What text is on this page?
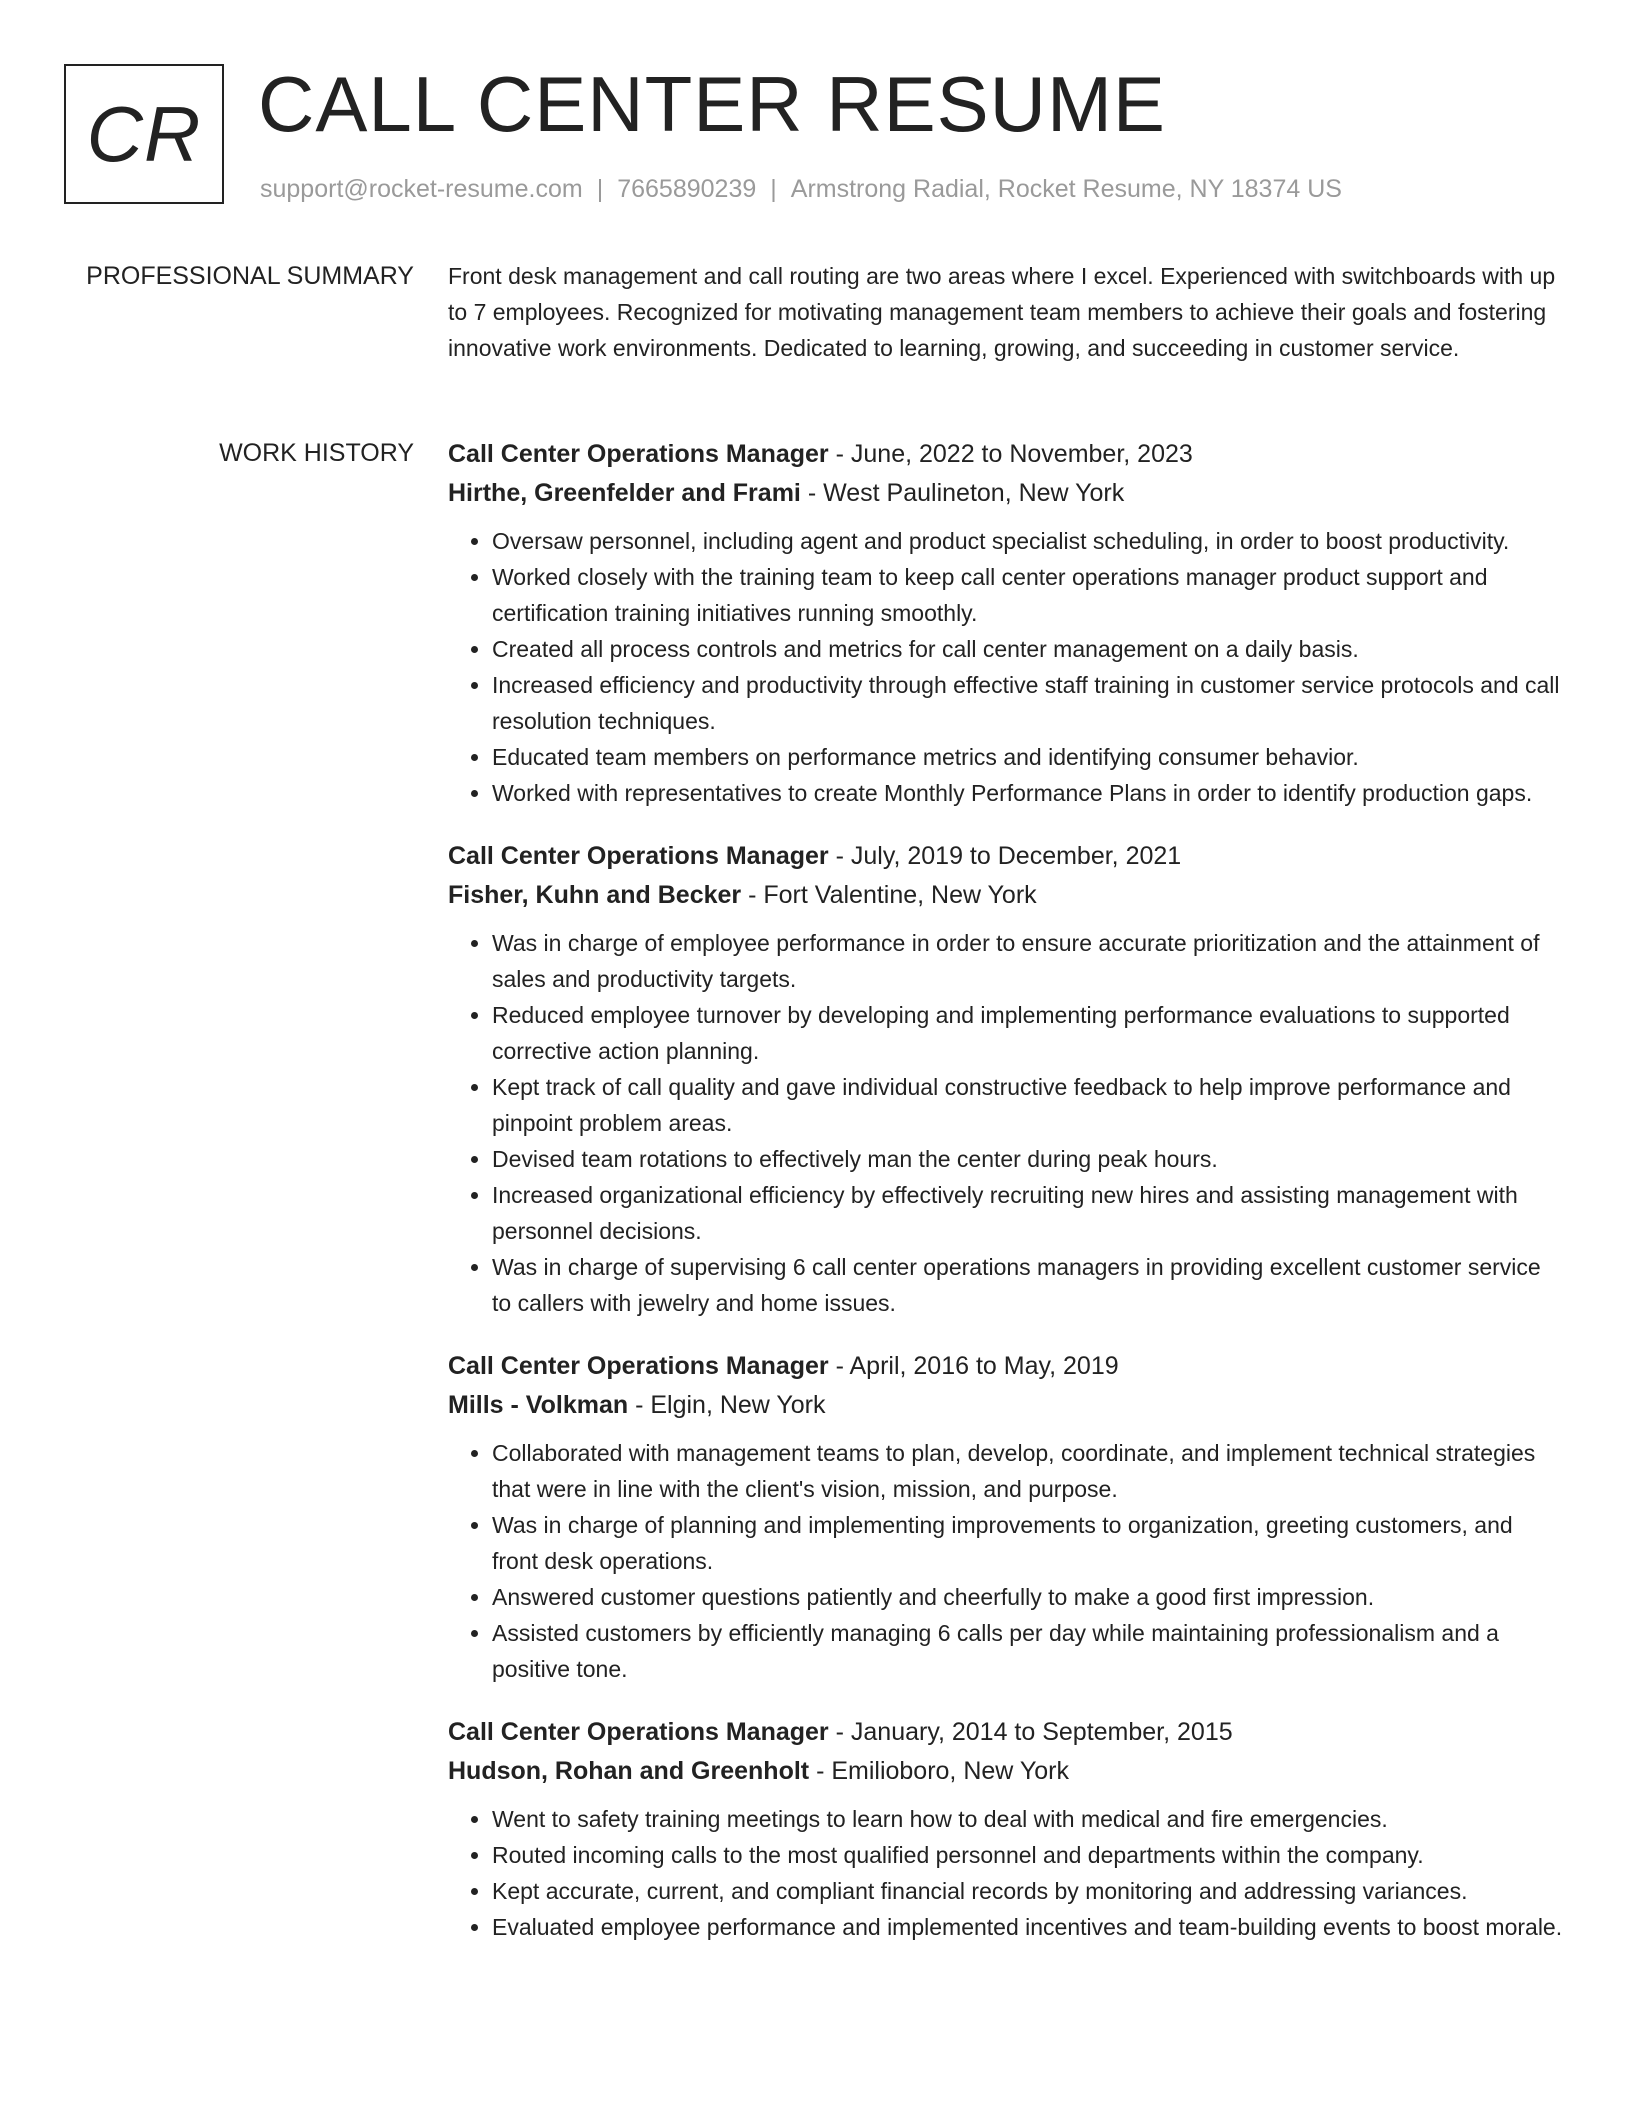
CR CALL CENTER RESUME
support@rocket-resume.com | 7665890239 | Armstrong Radial, Rocket Resume, NY 18374 US
PROFESSIONAL SUMMARY Front desk management and call routing are two areas where I excel. Experienced with switchboards with up to 7 employees. Recognized for motivating management team members to achieve their goals and fostering innovative work environments. Dedicated to learning, growing, and succeeding in customer service.
WORK HISTORY Call Center Operations Manager - June, 2022 to November, 2023
Hirthe, Greenfelder and Frami - West Paulineton, New York
• Oversaw personnel, including agent and product specialist scheduling, in order to boost productivity.
• Worked closely with the training team to keep call center operations manager product support and certification training initiatives running smoothly.
• Created all process controls and metrics for call center management on a daily basis.
• Increased efficiency and productivity through effective staff training in customer service protocols and call resolution techniques.
• Educated team members on performance metrics and identifying consumer behavior.
• Worked with representatives to create Monthly Performance Plans in order to identify production gaps.
Call Center Operations Manager - July, 2019 to December, 2021
Fisher, Kuhn and Becker - Fort Valentine, New York
• Was in charge of employee performance in order to ensure accurate prioritization and the attainment of sales and productivity targets.
• Reduced employee turnover by developing and implementing performance evaluations to supported corrective action planning.
• Kept track of call quality and gave individual constructive feedback to help improve performance and pinpoint problem areas.
• Devised team rotations to effectively man the center during peak hours.
• Increased organizational efficiency by effectively recruiting new hires and assisting management with personnel decisions.
• Was in charge of supervising 6 call center operations managers in providing excellent customer service to callers with jewelry and home issues.
Call Center Operations Manager - April, 2016 to May, 2019
Mills - Volkman - Elgin, New York
• Collaborated with management teams to plan, develop, coordinate, and implement technical strategies that were in line with the client's vision, mission, and purpose.
• Was in charge of planning and implementing improvements to organization, greeting customers, and front desk operations.
• Answered customer questions patiently and cheerfully to make a good first impression.
• Assisted customers by efficiently managing 6 calls per day while maintaining professionalism and a positive tone.
Call Center Operations Manager - January, 2014 to September, 2015
Hudson, Rohan and Greenholt - Emilioboro, New York
• Went to safety training meetings to learn how to deal with medical and fire emergencies.
• Routed incoming calls to the most qualified personnel and departments within the company.
• Kept accurate, current, and compliant financial records by monitoring and addressing variances.
• Evaluated employee performance and implemented incentives and team-building events to boost morale.
